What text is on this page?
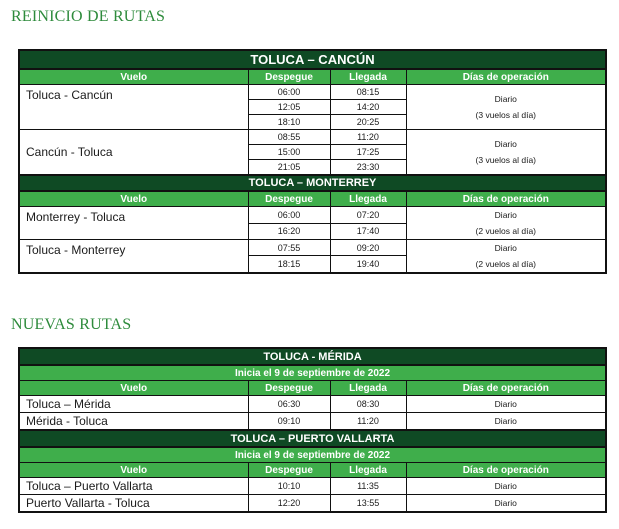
REINICIO DE RUTAS
TOLUCA – CANCÚN			
Vuelo	Despegue	Llegada	Días de operación
Toluca - Cancún	06:00	08:15	Diario
(3 vuelos al día)

	12:05	14:20	
	18:10	20:25	
Cancún - Toluca	08:55	11:20	Diario
(3 vuelos al día)

	15:00	17:25	
	21:05	23:30	
TOLUCA – MONTERREY			
Vuelo	Despegue	Llegada	Días de operación
Monterrey - Toluca	06:00	07:20	Diario
(2 vuelos al día)

	16:20	17:40	
Toluca - Monterrey	07:55	09:20	Diario
(2 vuelos al día)

	18:15	19:40	
NUEVAS RUTAS
TOLUCA - MÉRIDA			
Inicia el 9 de septiembre de 2022			
Vuelo	Despegue	Llegada	Días de operación
Toluca – Mérida	06:30	08:30	Diario
Mérida - Toluca	09:10	11:20	Diario
TOLUCA – PUERTO VALLARTA			
Inicia el 9 de septiembre de 2022			
Vuelo	Despegue	Llegada	Días de operación
Toluca – Puerto Vallarta	10:10	11:35	Diario
Puerto Vallarta - Toluca	12:20	13:55	Diario
